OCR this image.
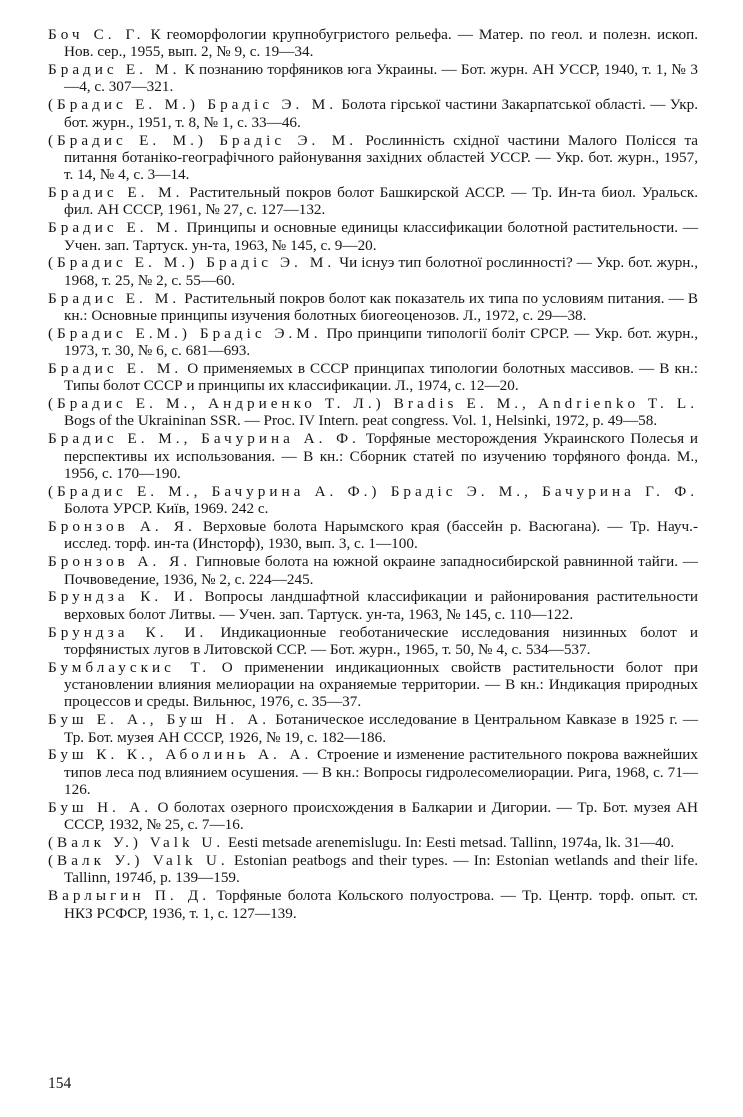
Боч С. Г. К геоморфологии крупнобугристого рельефа. — Матер. по геол. и полезн. ископ. Нов. сер., 1955, вып. 2, № 9, с. 19—34.

Брадис Е. М. К познанию торфяников юга Украины. — Бот. журн. АН УССР, 1940, т. 1, № 3—4, с. 307—321.

(Брадис Е. М.) Брадiс Э. М. Болота гiрськоï частини Закарпатськоï областi. — Укр. бот. журн., 1951, т. 8, № 1, с. 33—46.

(Брадис Е. М.) Брадiс Э. М. Рослиннiсть схiдноï частини Малого Полiсся та питання ботанiко-географiчного районування захiдних областей УССР. — Укр. бот. журн., 1957, т. 14, № 4, с. 3—14.

Брадис Е. М. Растительный покров болот Башкирской АССР. — Тр. Ин-та биол. Уральск. фил. АН СССР, 1961, № 27, с. 127—132.

Брадис Е. М. Принципы и основные единицы классификации болотной растительности. — Учен. зап. Тартуск. ун-та, 1963, № 145, с. 9—20.

(Брадис Е. М.) Брадiс Э. М. Чи iснуэ тип болотноï рослинностi? — Укр. бот. журн., 1968, т. 25, № 2, с. 55—60.

Брадис Е. М. Растительный покров болот как показатель их типа по условиям питания. — В кн.: Основные принципы изучения болотных биогеоценозов. Л., 1972, с. 29—38.

(Брадис Е.М.) Брадiс Э.М. Про принципи типологiï болiт СРСР. — Укр. бот. журн., 1973, т. 30, № 6, с. 681—693.

Брадис Е. М. О применяемых в СССР принципах типологии болотных массивов. — В кн.: Типы болот СССР и принципы их классификации. Л., 1974, с. 12—20.

(Брадис Е. М., Андриенко Т. Л.) Bradis E. M., Andrienko T. L. Bogs of the Ukraininan SSR. — Proc. IV Intern. peat congress. Vol. 1, Helsinki, 1972, p. 49—58.

Брадис Е. М., Бачурина А. Ф. Торфяные месторождения Украинского Полесья и перспективы их использования. — В кн.: Сборник статей по изучению торфяного фонда. М., 1956, с. 170—190.

(Брадис Е. М., Бачурина А. Ф.) Брадiс Э. М., Бачурина Г. Ф. Болота УРСР. Киïв, 1969. 242 с.

Бронзов А. Я. Верховые болота Нарымского края (бассейн р. Васюгана). — Тр. Науч.-исслед. торф. ин-та (Инсторф), 1930, вып. 3, с. 1—100.

Бронзов А. Я. Гипновые болота на южной окраине западносибирской равнинной тайги. — Почвоведение, 1936, № 2, с. 224—245.

Брундза К. И. Вопросы ландшафтной классификации и районирования растительности верховых болот Литвы. — Учен. зап. Тартуск. ун-та, 1963, № 145, с. 110—122.

Брундза К. И. Индикационные геоботанические исследования низинных болот и торфянистых лугов в Литовской ССР. — Бот. журн., 1965, т. 50, № 4, с. 534—537.

Бумблаускис Т. О применении индикационных свойств растительности болот при установлении влияния мелиорации на охраняемые территории. — В кн.: Индикация природных процессов и среды. Вильнюс, 1976, с. 35—37.

Буш Е. А., Буш Н. А. Ботаническое исследование в Центральном Кавказе в 1925 г. — Тр. Бот. музея АН СССР, 1926, № 19, с. 182—186.

Буш К. К., Аболинь А. А. Строение и изменение растительного покрова важнейших типов леса под влиянием осушения. — В кн.: Вопросы гидролесомелиорации. Рига, 1968, с. 71—126.

Буш Н. А. О болотах озерного происхождения в Балкарии и Дигории. — Тр. Бот. музея АН СССР, 1932, № 25, с. 7—16.

(Валк У.) Valk U. Eesti metsade arenemislugu. In: Eesti metsad. Tallinn, 1974a, lk. 31—40.

(Валк У.) Valk U. Estonian peatbogs and their types. — In: Estonian wetlands and their life. Tallinn, 1974б, p. 139—159.

Варлыгин П. Д. Торфяные болота Кольского полуострова. — Тр. Центр. торф. опыт. ст. НКЗ РСФСР, 1936, т. 1, с. 127—139.

154
